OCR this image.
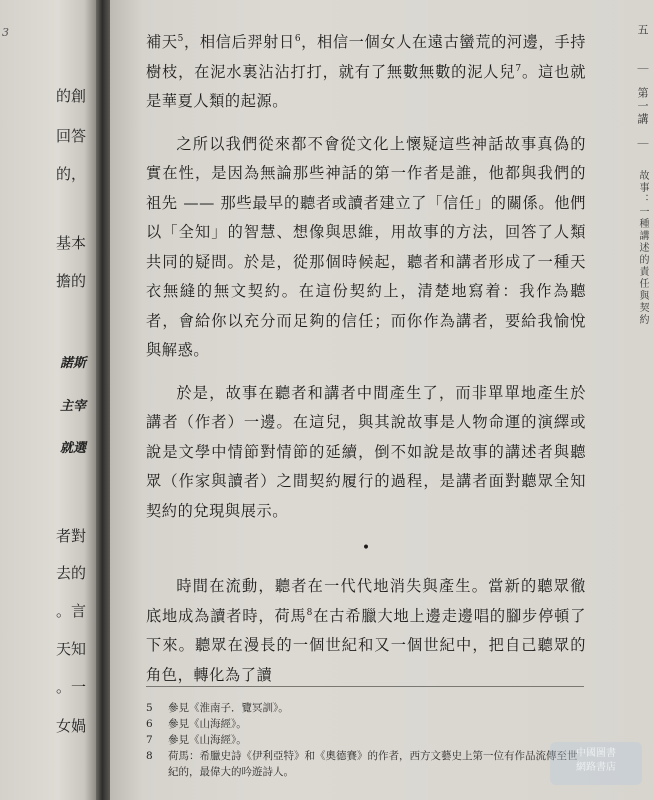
3
的創
回答
的，
基本
擔的
諾斯
主宰
就選
者對
去的
。言
天知
。一
女媧

補天$^5$，相信后羿射日$^6$，相信一個女人在遠古蠻荒的河邊，手持樹枝，在泥水裏沾沾打打，就有了無數無數的泥人兒$^7$。這也就是華夏人類的起源。

之所以我們從來都不會從文化上懷疑這些神話故事真偽的實在性，是因為無論那些神話的第一作者是誰，他都與我們的祖先 —— 那些最早的聽者或讀者建立了「信任」的關係。他們以「全知」的智慧、想像與思維，用故事的方法，回答了人類共同的疑問。於是，從那個時候起，聽者和講者形成了一種天衣無縫的無文契約。在這份契約上，清楚地寫着：我作為聽者，會給你以充分而足夠的信任；而你作為講者，要給我愉悅與解惑。

於是，故事在聽者和講者中間產生了，而非單單地產生於講者（作者）一邊。在這兒，與其說故事是人物命運的演繹或說是文學中情節對情節的延續，倒不如說是故事的講述者與聽眾（作家與讀者）之間契約履行的過程，是講者面對聽眾全知契約的兌現與展示。

•

時間在流動，聽者在一代代地消失與產生。當新的聽眾徹底地成為讀者時，荷馬$^8$在古希臘大地上邊走邊唱的腳步停頓了下來。聽眾在漫長的一個世紀和又一個世紀中，把自己聽眾的角色，轉化為了讀

5	參見《淮南子．覽冥訓》。
6	參見《山海經》。
7	參見《山海經》。
8	荷馬：希臘史詩《伊利亞特》和《奧德賽》的作者，西方文藝史上第一位有作品流傳至世紀的，最偉大的吟遊詩人。
五 ｜ 第一講 ｜ 故事：一種講述的責任與契約
中國圖書
網路書店
